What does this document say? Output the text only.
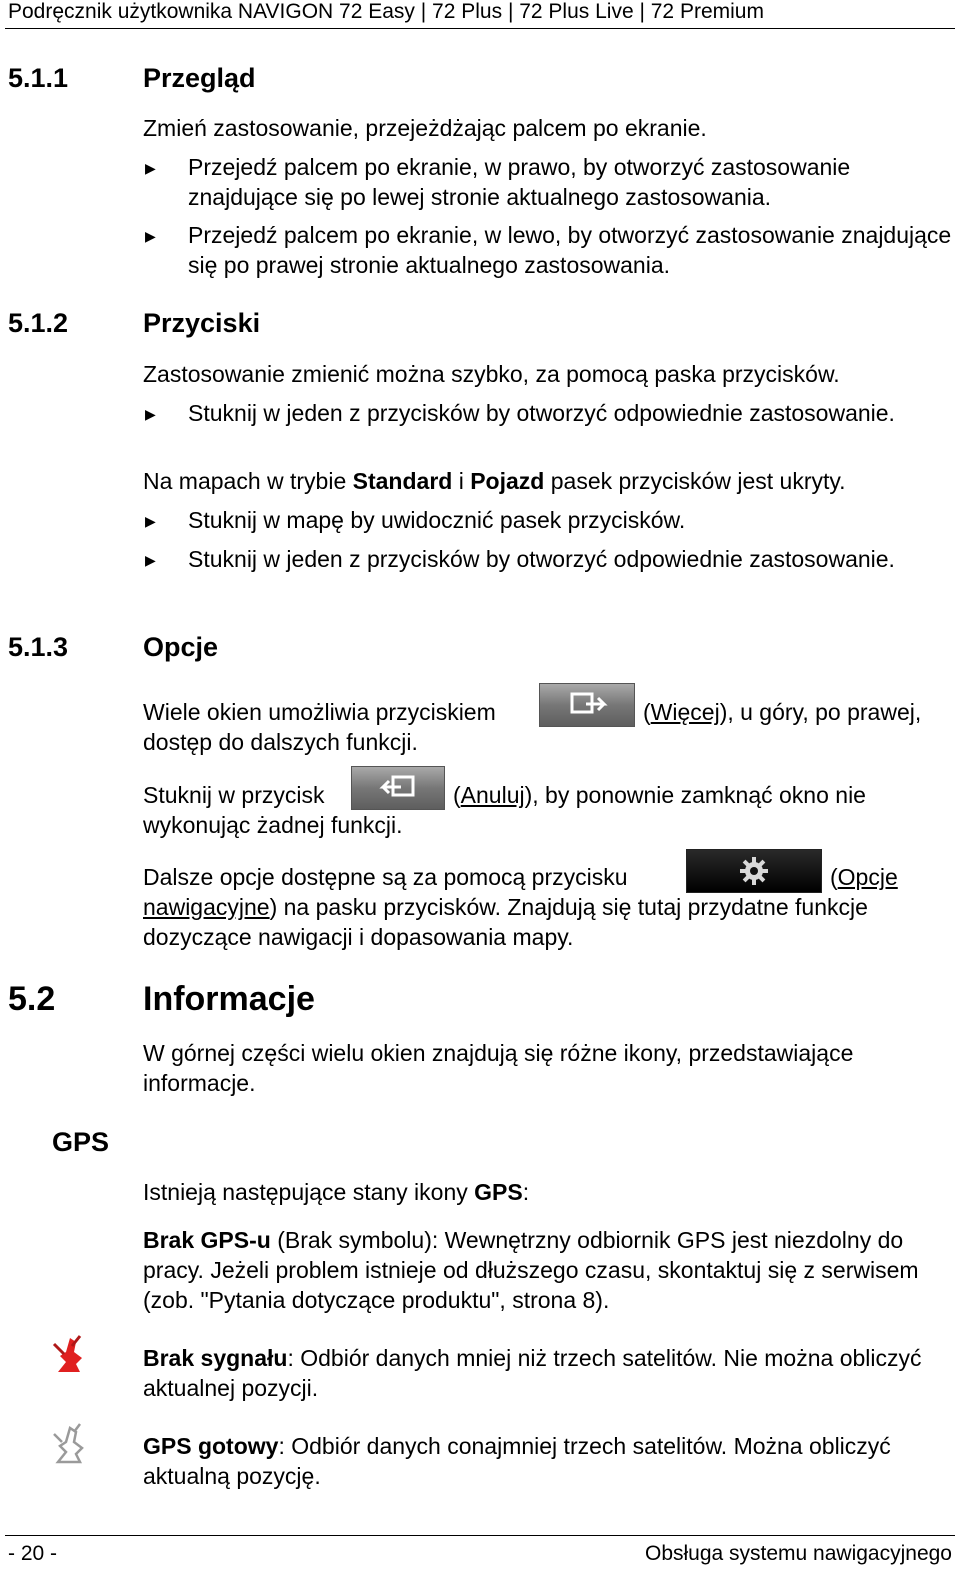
Podręcznik użytkownika NAVIGON 72 Easy | 72 Plus | 72 Plus Live | 72 Premium
5.1.1	Przegląd
Zmień zastosowanie, przejeżdżając palcem po ekranie.
▶ Przejedź palcem po ekranie, w prawo, by otworzyć zastosowanie znajdujące się po lewej stronie aktualnego zastosowania.
▶ Przejedź palcem po ekranie, w lewo, by otworzyć zastosowanie znajdujące się po prawej stronie aktualnego zastosowania.
5.1.2	Przyciski
Zastosowanie zmienić można szybko, za pomocą paska przycisków.
▶ Stuknij w jeden z przycisków by otworzyć odpowiednie zastosowanie.
Na mapach w trybie Standard i Pojazd pasek przycisków jest ukryty.
▶ Stuknij w mapę by uwidocznić pasek przycisków.
▶ Stuknij w jeden z przycisków by otworzyć odpowiednie zastosowanie.
5.1.3	Opcje
Wiele okien umożliwia przyciskiem	(Więcej), u góry, po prawej,
dostęp do dalszych funkcji.
Stuknij w przycisk	(Anuluj), by ponownie zamknąć okno nie
wykonując żadnej funkcji.
Dalsze opcje dostępne są za pomocą przycisku	(Opcje
nawigacyjne) na pasku przycisków. Znajdują się tutaj przydatne funkcje
dozyczące nawigacji i dopasowania mapy.
5.2	Informacje
W górnej części wielu okien znajdują się różne ikony, przedstawiające informacje.
GPS
Istnieją następujące stany ikony GPS:
Brak GPS-u (Brak symbolu): Wewnętrzny odbiornik GPS jest niezdolny do pracy. Jeżeli problem istnieje od dłuższego czasu, skontaktuj się z serwisem (zob. "Pytania dotyczące produktu", strona 8).
Brak sygnału: Odbiór danych mniej niż trzech satelitów. Nie można obliczyć aktualnej pozycji.
GPS gotowy: Odbiór danych conajmniej trzech satelitów. Można obliczyć aktualną pozycję.
- 20 -	Obsługa systemu nawigacyjnego
